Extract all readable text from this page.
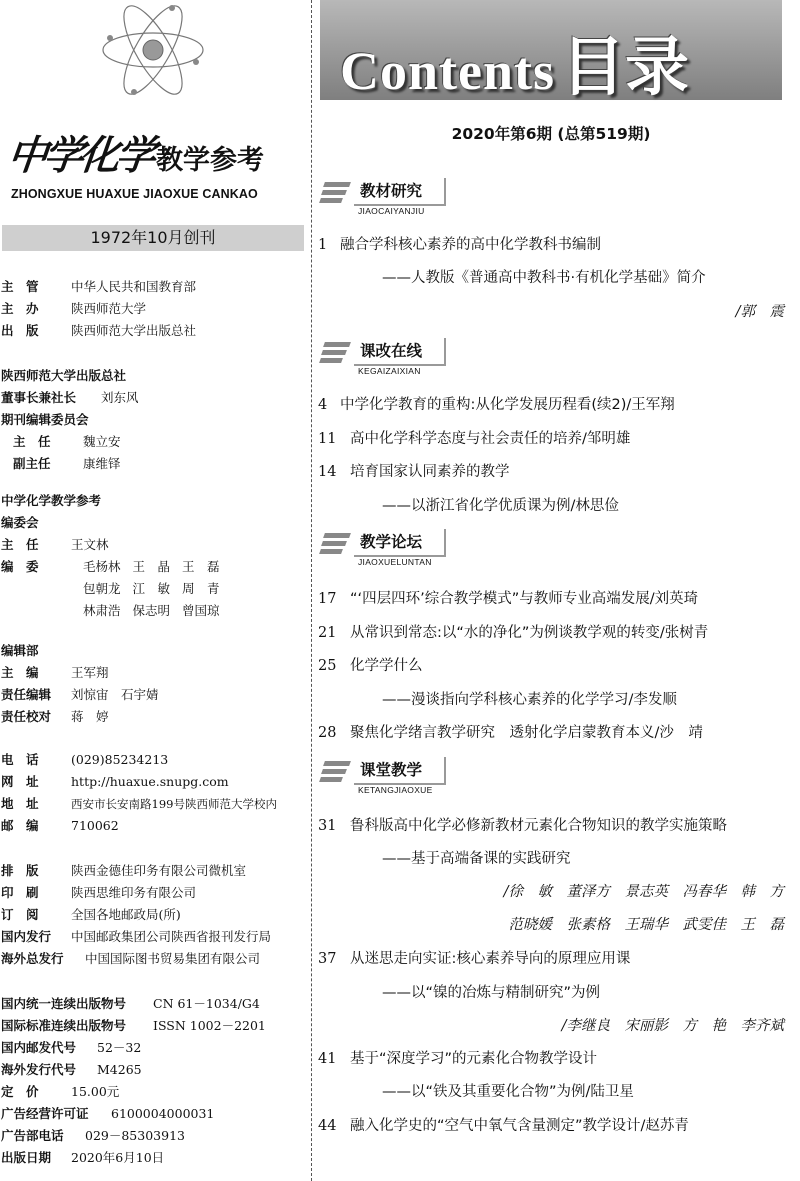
中学化学教学参考
ZHONGXUE HUAXUE JIAOXUE CANKAO
1972年10月创刊
主　管	中华人民共和国教育部
主　办	陕西师范大学
出　版	陕西师范大学出版总社
陕西师范大学出版总社
董事长兼社长 刘东风
期刊编辑委员会
主　任	魏立安
副主任	康维铎
中学化学教学参考
编委会
主　任	王文林
编　委	毛杨林 王　晶 王　磊
包朝龙 江　敏 周　青
林肃浩 保志明 曾国琼
编辑部
主　编	王军翔
责任编辑 刘惊宙　石宇婧
责任校对 蒋　婷
电　话	(029)85234213
网　址	http://huaxue.snupg.com
地　址	西安市长安南路199号陕西师范大学校内
邮　编	710062
排　版	陕西金德佳印务有限公司微机室
印　刷	陕西思维印务有限公司
订　阅	全国各地邮政局(所)
国内发行 中国邮政集团公司陕西省报刊发行局
海外总发行 中国国际图书贸易集团有限公司
国内统一连续出版物号 CN 61－1034/G4
国际标准连续出版物号 ISSN 1002－2201
国内邮发代号 52－32
海外发行代号 M4265
定　价	15.00元
广告经营许可证 6100004000031
广告部电话 029－85303913
出版日期 2020年6月10日
Contents目录
2020年第6期 (总第519期)
教材研究
JIAOCAIYANJIU
1 融合学科核心素养的高中化学教科书编制
——人教版《普通高中教科书·有机化学基础》简介
/郭　震
课改在线
KEGAIZAIXIAN
4 中学化学教育的重构:从化学发展历程看(续2)/王军翔
11 高中化学科学态度与社会责任的培养/邹明雄
14 培育国家认同素养的教学
——以浙江省化学优质课为例/林思俭
教学论坛
JIAOXUELUNTAN
17 “‘四层四环’综合教学模式”与教师专业高端发展/刘英琦
21 从常识到常态:以“水的净化”为例谈教学观的转变/张树青
25 化学学什么
——漫谈指向学科核心素养的化学学习/李发顺
28 聚焦化学绪言教学研究　透射化学启蒙教育本义/沙　靖
课堂教学
KETANGJIAOXUE
31 鲁科版高中化学必修新教材元素化合物知识的教学实施策略
——基于高端备课的实践研究
/徐　敏　董泽方　景志英　冯春华　韩　方
范晓媛　张素格　王瑞华　武雯佳　王　磊
37 从迷思走向实证:核心素养导向的原理应用课
——以“镍的冶炼与精制研究”为例
/李继良　宋丽影　方　艳　李齐斌
41 基于“深度学习”的元素化合物教学设计
——以“铁及其重要化合物”为例/陆卫星
44 融入化学史的“空气中氧气含量测定”教学设计/赵苏青
